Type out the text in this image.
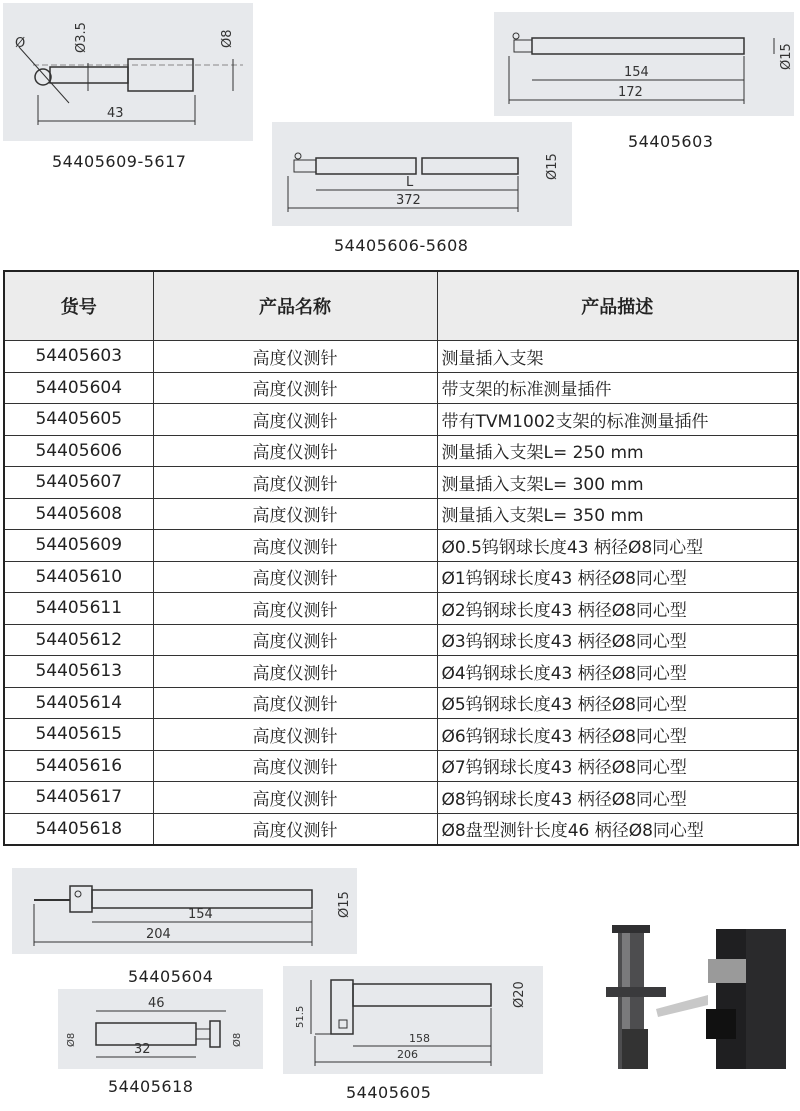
Ø	Ø3.5	Ø8
43
54405609-5617
154
172
Ø15
54405603
L
372
Ø15
54405606-5608
货号	产品名称	产品描述
54405603	高度仪测针	测量插入支架
54405604	高度仪测针	带支架的标准测量插件
54405605	高度仪测针	带有TVM1002支架的标准测量插件
54405606	高度仪测针	测量插入支架L= 250 mm
54405607	高度仪测针	测量插入支架L= 300 mm
54405608	高度仪测针	测量插入支架L= 350 mm
54405609	高度仪测针	Ø0.5钨钢球长度43 柄径Ø8同心型
54405610	高度仪测针	Ø1钨钢球长度43 柄径Ø8同心型
54405611	高度仪测针	Ø2钨钢球长度43 柄径Ø8同心型
54405612	高度仪测针	Ø3钨钢球长度43 柄径Ø8同心型
54405613	高度仪测针	Ø4钨钢球长度43 柄径Ø8同心型
54405614	高度仪测针	Ø5钨钢球长度43 柄径Ø8同心型
54405615	高度仪测针	Ø6钨钢球长度43 柄径Ø8同心型
54405616	高度仪测针	Ø7钨钢球长度43 柄径Ø8同心型
54405617	高度仪测针	Ø8钨钢球长度43 柄径Ø8同心型
54405618	高度仪测针	Ø8盘型测针长度46 柄径Ø8同心型
154
204
Ø15
54405604
46
32
Ø8	Ø8
54405618
158
206
51.5
Ø20
54405605
